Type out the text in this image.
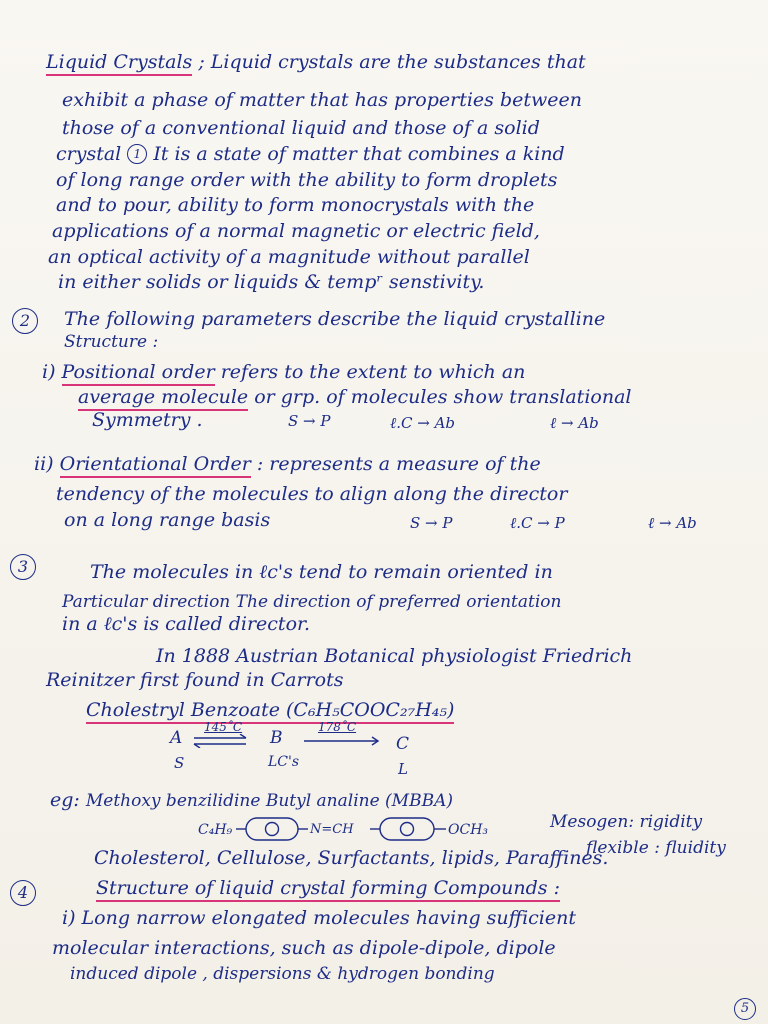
Liquid Crystals ; Liquid crystals are the substances that
exhibit a phase of matter that has properties between
those of a conventional liquid and those of a solid
crystal 1 It is a state of matter that combines a kind
of long range order with the ability to form droplets
and to pour, ability to form monocrystals with the
applications of a normal magnetic or electric field,
an optical activity of a magnitude without parallel
in either solids or liquids & tempʳ senstivity.
2	The following parameters describe the liquid crystalline
Structure :
i) Positional order refers to the extent to which an
average molecule or grp. of molecules show translational
Symmetry .	S → P	ℓ.C → Ab	ℓ → Ab
ii) Orientational Order : represents a measure of the
tendency of the molecules to align along the director
on a long range basis	S → P	ℓ.C → P	ℓ → Ab
3	The molecules in ℓc's tend to remain oriented in
Particular direction The direction of preferred orientation
in a ℓc's is called director.
In 1888 Austrian Botanical physiologist Friedrich
Reinitzer first found in Carrots
Cholestryl Benzoate (C₆H₅COOC₂₇H₄₅)
A
145˚C
⇌ B
178˚C
C
S	LC's	L
eg: Methoxy benzilidine Butyl analine (MBBA)
C₄H₉	N=CH	OCH₃	Mesogen: rigidity
flexible : fluidity
Cholesterol, Cellulose, Surfactants, lipids, Paraffines.
4	Structure of liquid crystal forming Compounds :
i) Long narrow elongated molecules having sufficient
molecular interactions, such as dipole-dipole, dipole
induced dipole , dispersions & hydrogen bonding
5
